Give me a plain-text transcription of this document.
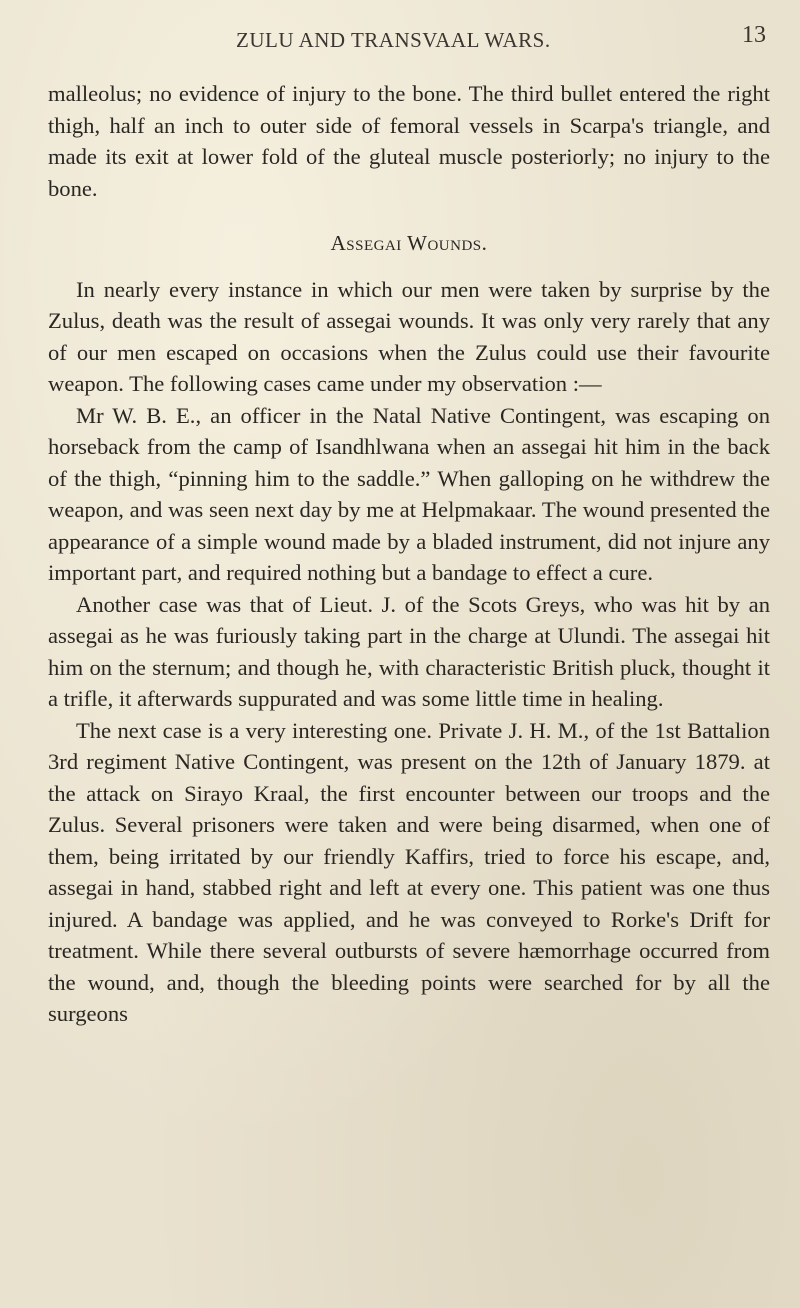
ZULU AND TRANSVAAL WARS.	13

malleolus; no evidence of injury to the bone. The third bullet entered the right thigh, half an inch to outer side of femoral vessels in Scarpa's triangle, and made its exit at lower fold of the gluteal muscle posteriorly; no injury to the bone.

Assegai Wounds.

In nearly every instance in which our men were taken by surprise by the Zulus, death was the result of assegai wounds. It was only very rarely that any of our men escaped on occasions when the Zulus could use their favourite weapon. The following cases came under my observation :—

Mr W. B. E., an officer in the Natal Native Contingent, was escaping on horseback from the camp of Isandhlwana when an assegai hit him in the back of the thigh, “pinning him to the saddle.” When galloping on he withdrew the weapon, and was seen next day by me at Helpmakaar. The wound presented the appearance of a simple wound made by a bladed instrument, did not injure any important part, and required nothing but a bandage to effect a cure.

Another case was that of Lieut. J. of the Scots Greys, who was hit by an assegai as he was furiously taking part in the charge at Ulundi. The assegai hit him on the sternum; and though he, with characteristic British pluck, thought it a trifle, it afterwards suppurated and was some little time in healing.

The next case is a very interesting one. Private J. H. M., of the 1st Battalion 3rd regiment Native Contingent, was present on the 12th of January 1879. at the attack on Sirayo Kraal, the first encounter between our troops and the Zulus. Several prisoners were taken and were being disarmed, when one of them, being irritated by our friendly Kaffirs, tried to force his escape, and, assegai in hand, stabbed right and left at every one. This patient was one thus injured. A bandage was applied, and he was conveyed to Rorke's Drift for treatment. While there several outbursts of severe hæmorrhage occurred from the wound, and, though the bleeding points were searched for by all the surgeons
